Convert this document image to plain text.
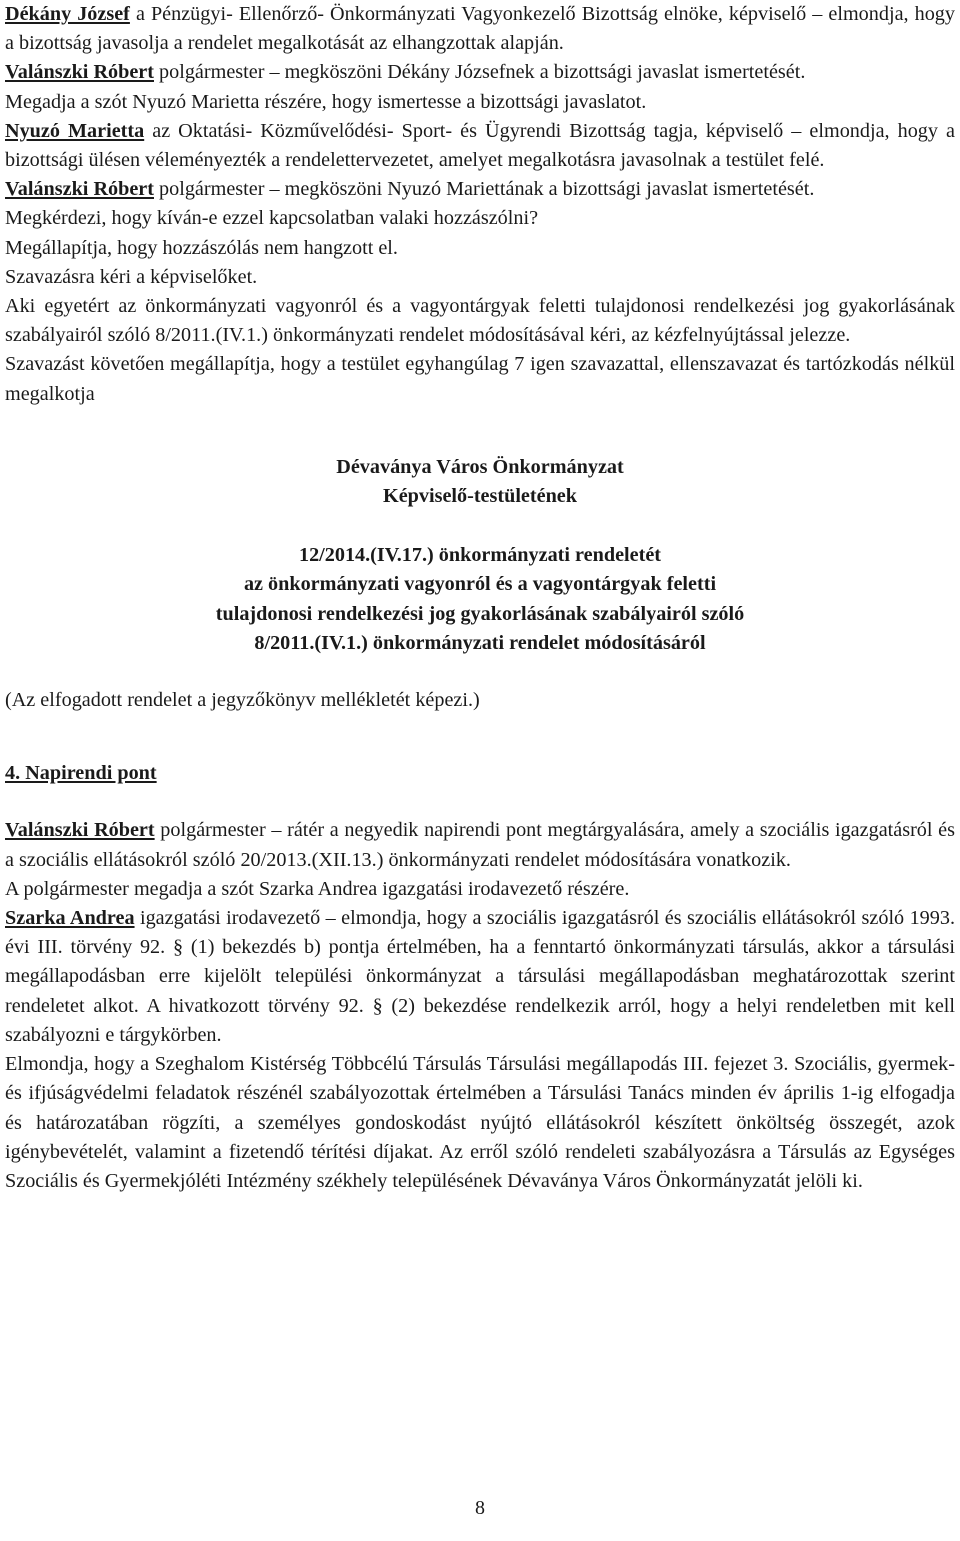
Dékány József a Pénzügyi- Ellenőrző- Önkormányzati Vagyonkezelő Bizottság elnöke, képviselő – elmondja, hogy a bizottság javasolja a rendelet megalkotását az elhangzottak alapján.

Valánszki Róbert polgármester – megköszöni Dékány Józsefnek a bizottsági javaslat ismertetését.

Megadja a szót Nyuzó Marietta részére, hogy ismertesse a bizottsági javaslatot.

Nyuzó Marietta az Oktatási- Közművelődési- Sport- és Ügyrendi Bizottság tagja, képviselő – elmondja, hogy a bizottsági ülésen véleményezték a rendelettervezetet, amelyet megalkotásra javasolnak a testület felé.

Valánszki Róbert polgármester – megköszöni Nyuzó Mariettának a bizottsági javaslat ismertetését.

Megkérdezi, hogy kíván-e ezzel kapcsolatban valaki hozzászólni?

Megállapítja, hogy hozzászólás nem hangzott el.

Szavazásra kéri a képviselőket.

Aki egyetért az önkormányzati vagyonról és a vagyontárgyak feletti tulajdonosi rendelkezési jog gyakorlásának szabályairól szóló 8/2011.(IV.1.) önkormányzati rendelet módosításával kéri, az kézfelnyújtással jelezze.

Szavazást követően megállapítja, hogy a testület egyhangúlag 7 igen szavazattal, ellenszavazat és tartózkodás nélkül megalkotja

Dévaványa Város Önkormányzat

Képviselő-testületének

12/2014.(IV.17.) önkormányzati rendeletét

az önkormányzati vagyonról és a vagyontárgyak feletti

tulajdonosi rendelkezési jog gyakorlásának szabályairól szóló

8/2011.(IV.1.) önkormányzati rendelet módosításáról

(Az elfogadott rendelet a jegyzőkönyv mellékletét képezi.)

4. Napirendi pont

Valánszki Róbert polgármester – rátér a negyedik napirendi pont megtárgyalására, amely a szociális igazgatásról és a szociális ellátásokról szóló 20/2013.(XII.13.) önkormányzati rendelet módosítására vonatkozik.

A polgármester megadja a szót Szarka Andrea igazgatási irodavezető részére.

Szarka Andrea igazgatási irodavezető – elmondja, hogy a szociális igazgatásról és szociális ellátásokról szóló 1993. évi III. törvény 92. § (1) bekezdés b) pontja értelmében, ha a fenntartó önkormányzati társulás, akkor a társulási megállapodásban erre kijelölt települési önkormányzat a társulási megállapodásban meghatározottak szerint rendeletet alkot. A hivatkozott törvény 92. § (2) bekezdése rendelkezik arról, hogy a helyi rendeletben mit kell szabályozni e tárgykörben.

Elmondja, hogy a Szeghalom Kistérség Többcélú Társulás Társulási megállapodás III. fejezet 3. Szociális, gyermek- és ifjúságvédelmi feladatok részénél szabályozottak értelmében a Társulási Tanács minden év április 1-ig elfogadja és határozatában rögzíti, a személyes gondoskodást nyújtó ellátásokról készített önköltség összegét, azok igénybevételét, valamint a fizetendő térítési díjakat. Az erről szóló rendeleti szabályozásra a Társulás az Egységes Szociális és Gyermekjóléti Intézmény székhely településének Dévaványa Város Önkormányzatát jelöli ki.

8
